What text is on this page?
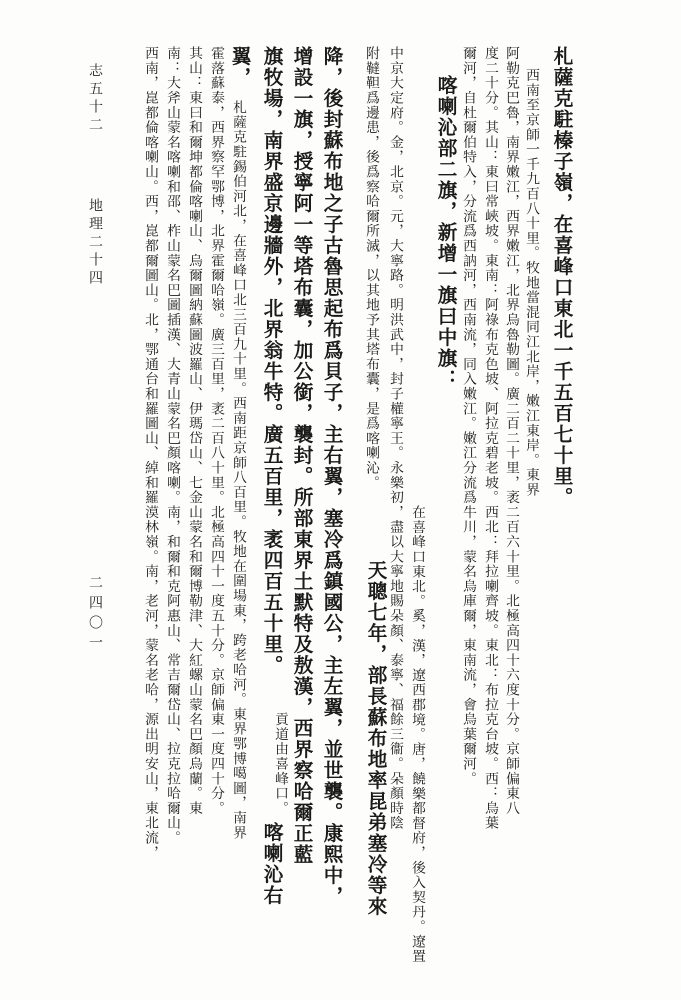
札薩克駐榛子嶺，在喜峰口東北一千五百七十里。
西南至京師一千九百八十里。牧地當混同江北岸，嫩江東岸。東界
阿勒克巴魯，南界嫩江，西界嫩江，北界烏魯勒圖。廣二百二十里，袤二百六十里。北極高四十六度十分。京師偏東八
度二十分。其山：東曰常峽坡。東南：阿祿布克色坡、阿拉克碧老坡。西北：拜拉喇齊坡。東北：布拉克台坡。西：烏葉
爾河，自杜爾伯特入，分流爲西訥河，西南流，同入嫩江。嫩江分流爲牛川，蒙名烏庫爾，東南流，會烏葉爾河。
喀喇沁部二旗，新增一旗曰中旗：
在喜峰口東北。奚，漢，遼西郡境。唐，饒樂都督府，後入契丹。遼置
中京大定府。金，北京。元，大寧路。明洪武中，封子權寧王。永樂初，盡以大寧地賜朵顏、泰寧、福餘三衞。朵顏時陰
附韃靼爲邊患，後爲察哈爾所滅，以其地予其塔布囊，是爲喀喇沁。
天聰七年，部長蘇布地率昆弟塞冷等來
降，後封蘇布地之子古魯思起布爲貝子，主右翼，塞冷爲鎮國公，主左翼，並世襲。康熙中，
增設一旗，授寧阿一等塔布囊，加公銜，襲封。所部東界土默特及敖漢，西界察哈爾正藍
旗牧場，南界盛京邊牆外，北界翁牛特。廣五百里，袤四百五十里。
貢道由喜峰口。
喀喇沁右
翼，
札薩克駐錫伯河北，在喜峰口北三百九十里。西南距京師八百里。牧地在圍場東，跨老哈河。東界鄂博噶圖，南界
霍落蘇泰，西界察罕鄂博，北界霍爾哈嶺。廣三百里，袤二百八十里。北極高四十一度五十分。京師偏東一度四十分。
其山：東曰和爾坤都倫喀喇山、烏爾圖納蘇圖波羅山、伊瑪岱山、七金山蒙名和爾博勒津、大紅螺山蒙名巴顏烏蘭。東
南：大斧山蒙名喀喇和邵、柞山蒙名巴圖插漢、大青山蒙名巴顏喀喇。南，和爾和克阿惠山、常吉爾岱山、拉克拉哈爾山。
西南，崑都倫喀喇山。西，崑都爾圖山。北，鄂通台和羅圖山、綽和羅漠林嶺。南，老河，蒙名老哈，源出明安山，東北流，
志五十二
地理二十四
二四〇一
